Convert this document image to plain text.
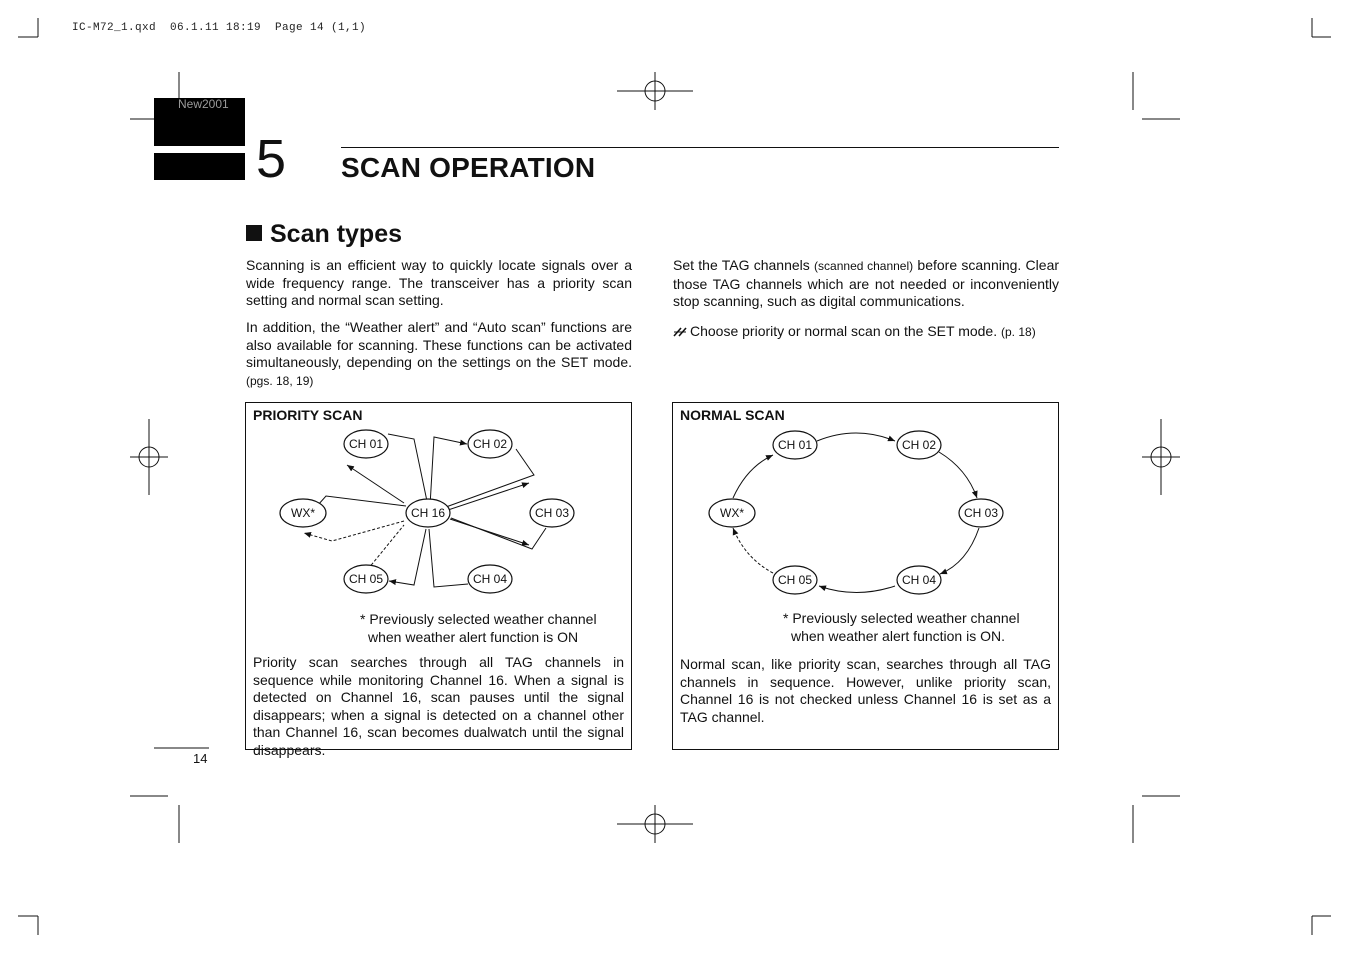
IC-M72_1.qxd  06.1.11 18:19  Page 14 (1,1)
New2001
5 SCAN OPERATION
Scan types
Scanning is an efficient way to quickly locate signals over a wide frequency range. The transceiver has a priority scan setting and normal scan setting.
In addition, the “Weather alert” and “Auto scan” functions are also available for scanning. These functions can be activated simultaneously, depending on the settings on the SET mode. (pgs. 18, 19)
Set the TAG channels (scanned channel) before scanning. Clear those TAG channels which are not needed or inconveniently stop scanning, such as digital communications.
Choose priority or normal scan on the SET mode. (p. 18)
PRIORITY SCAN
CH 01	CH 02
CH 03
CH 04
CH 05
CH 16
WX*
* Previously selected weather channel
when weather alert function is ON
Priority scan searches through all TAG channels in sequence while monitoring Channel 16. When a signal is detected on Channel 16, scan pauses until the signal disappears; when a signal is detected on a channel other than Channel 16, scan becomes dualwatch until the signal disappears.
NORMAL SCAN
CH 01	CH 02
CH 03
CH 04
CH 05
WX*
* Previously selected weather channel
when weather alert function is ON.
Normal scan, like priority scan, searches through all TAG channels in sequence. However, unlike priority scan, Channel 16 is not checked unless Channel 16 is set as a TAG channel.
14
